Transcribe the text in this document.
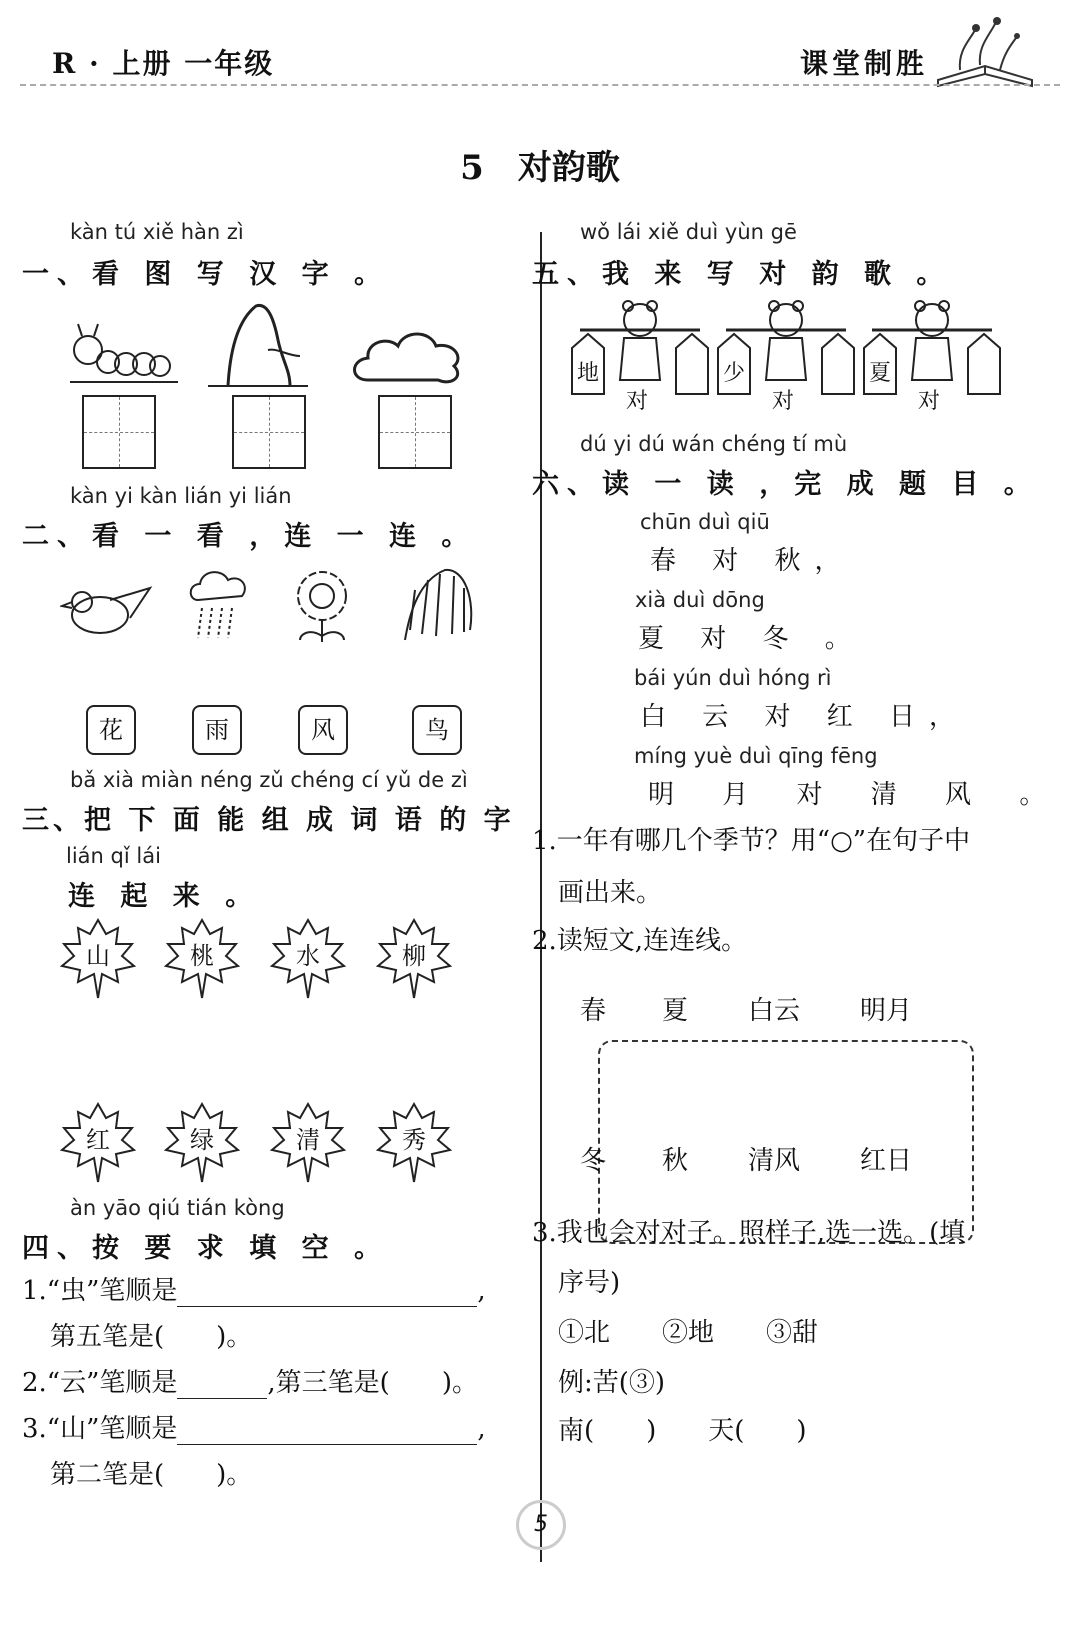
R · 上册 一年级	课堂制胜
5　对韵歌
kàn tú xiě hàn zì
一、看 图 写 汉 字 。
kàn yi kàn lián yi lián
二、看 一 看 ，连 一 连 。
花	雨	风	鸟
bǎ xià miàn néng zǔ chéng cí yǔ de zì
三、把 下 面 能 组 成 词 语 的 字
lián qǐ lái
连 起 来 。
山	桃	水	柳
红	绿	清	秀
àn yāo qiú tián kòng
四、按 要 求 填 空 。
1.“虫”笔顺是	,
第五笔是(　　)。
2.“云”笔顺是	,第三笔是(　　)。
3.“山”笔顺是	,
第二笔是(　　)。
wǒ lái xiě duì yùn gē
五、我 来 写 对 韵 歌 。
地
对
少
对
夏
对
dú yi dú wán chéng tí mù
六、读 一 读 ，完 成 题 目 。
chūn duì qiū
春 对 秋，
xià duì dōng
夏 对 冬 。
bái yún duì hóng rì
白 云 对 红 日，
míng yuè duì qīng fēng
明 月 对 清 风 。
1.一年有哪几个季节？用“○”在句子中
画出来。
2.读短文,连连线。
春 夏 白云 明月
冬 秋 清风 红日
3.我也会对对子。照样子,选一选。(填
序号)
①北　　②地　　③甜
例:苦(③)
南(　　)　　天(　　)
5
